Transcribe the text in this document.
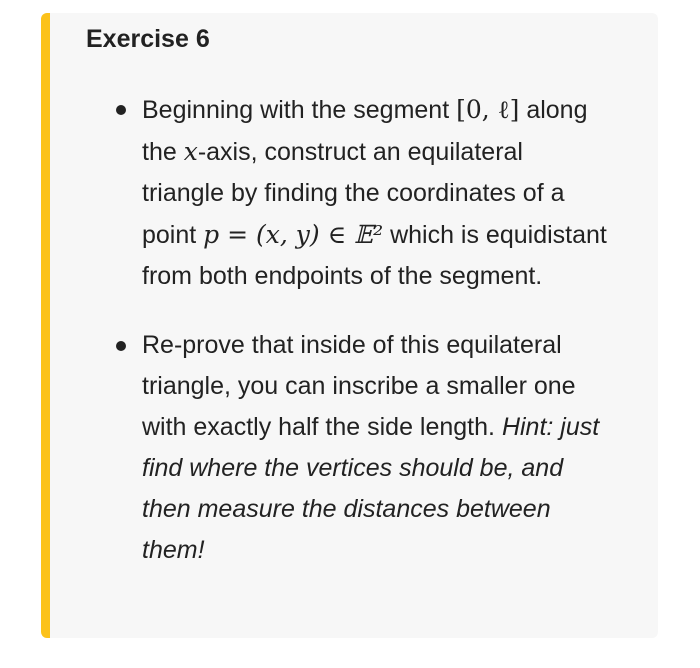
Exercise 6
Beginning with the segment [0, ℓ] along the x-axis, construct an equilateral triangle by finding the coordinates of a point p = (x, y) ∈ 𝔼² which is equidistant from both endpoints of the segment.
Re-prove that inside of this equilateral triangle, you can inscribe a smaller one with exactly half the side length. Hint: just find where the vertices should be, and then measure the distances between them!
